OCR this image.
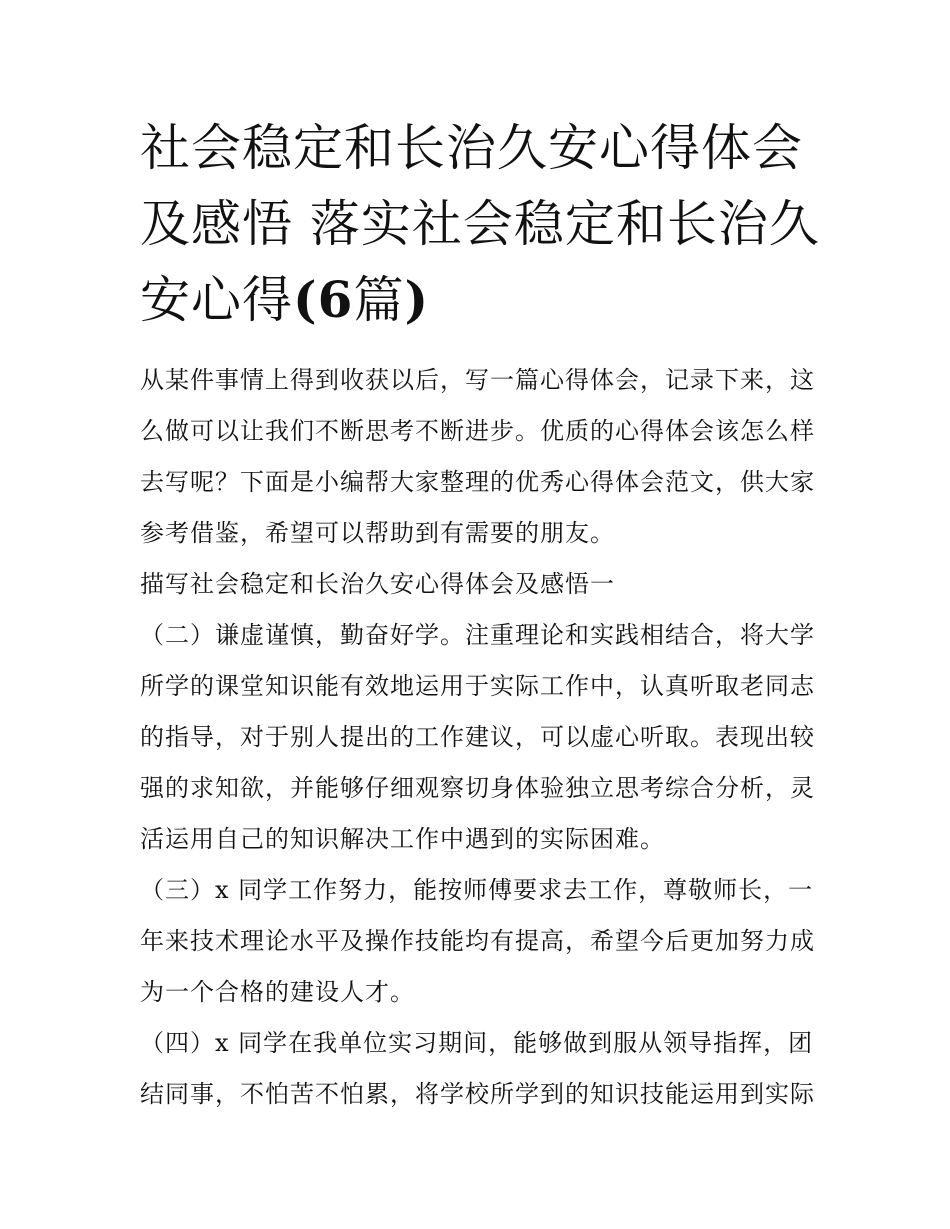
社会稳定和长治久安心得体会
及感悟 落实社会稳定和长治久
安心得(6篇)
从某件事情上得到收获以后，写一篇心得体会，记录下来，这
么做可以让我们不断思考不断进步。优质的心得体会该怎么样
去写呢？下面是小编帮大家整理的优秀心得体会范文，供大家
参考借鉴，希望可以帮助到有需要的朋友。
描写社会稳定和长治久安心得体会及感悟一
（二）谦虚谨慎，勤奋好学。注重理论和实践相结合，将大学
所学的课堂知识能有效地运用于实际工作中，认真听取老同志
的指导，对于别人提出的工作建议，可以虚心听取。表现出较
强的求知欲，并能够仔细观察切身体验独立思考综合分析，灵
活运用自己的知识解决工作中遇到的实际困难。
（三）x 同学工作努力，能按师傅要求去工作，尊敬师长，一
年来技术理论水平及操作技能均有提高，希望今后更加努力成
为一个合格的建设人才。
（四）x 同学在我单位实习期间，能够做到服从领导指挥，团
结同事，不怕苦不怕累，将学校所学到的知识技能运用到实际
